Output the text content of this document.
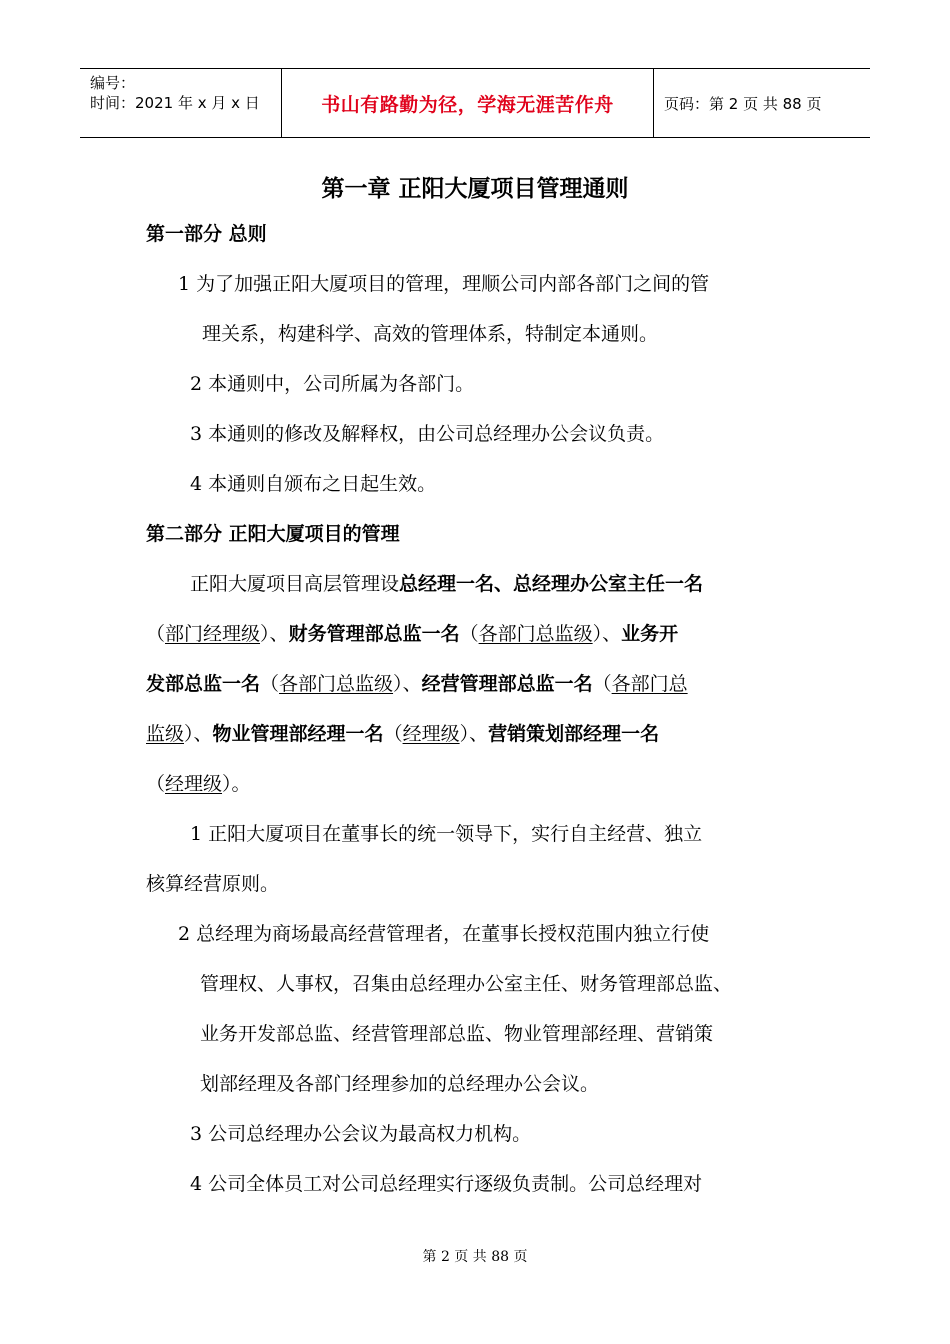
编号：
时间：2021 年 x 月 x 日	书山有路勤为径，学海无涯苦作舟	页码：第 2 页 共 88 页
第一章 正阳大厦项目管理通则
第一部分 总则
1 为了加强正阳大厦项目的管理，理顺公司内部各部门之间的管
理关系，构建科学、高效的管理体系，特制定本通则。
2 本通则中，公司所属为各部门。
3 本通则的修改及解释权，由公司总经理办公会议负责。
4 本通则自颁布之日起生效。
第二部分 正阳大厦项目的管理
正阳大厦项目高层管理设总经理一名、总经理办公室主任一名
（部门经理级）、财务管理部总监一名（各部门总监级）、业务开
发部总监一名（各部门总监级）、经营管理部总监一名（各部门总
监级）、物业管理部经理一名（经理级）、营销策划部经理一名
（经理级）。
1 正阳大厦项目在董事长的统一领导下，实行自主经营、独立
核算经营原则。
2 总经理为商场最高经营管理者，在董事长授权范围内独立行使
管理权、人事权，召集由总经理办公室主任、财务管理部总监、
业务开发部总监、经营管理部总监、物业管理部经理、营销策
划部经理及各部门经理参加的总经理办公会议。
3 公司总经理办公会议为最高权力机构。
4 公司全体员工对公司总经理实行逐级负责制。公司总经理对
第 2 页 共 88 页
